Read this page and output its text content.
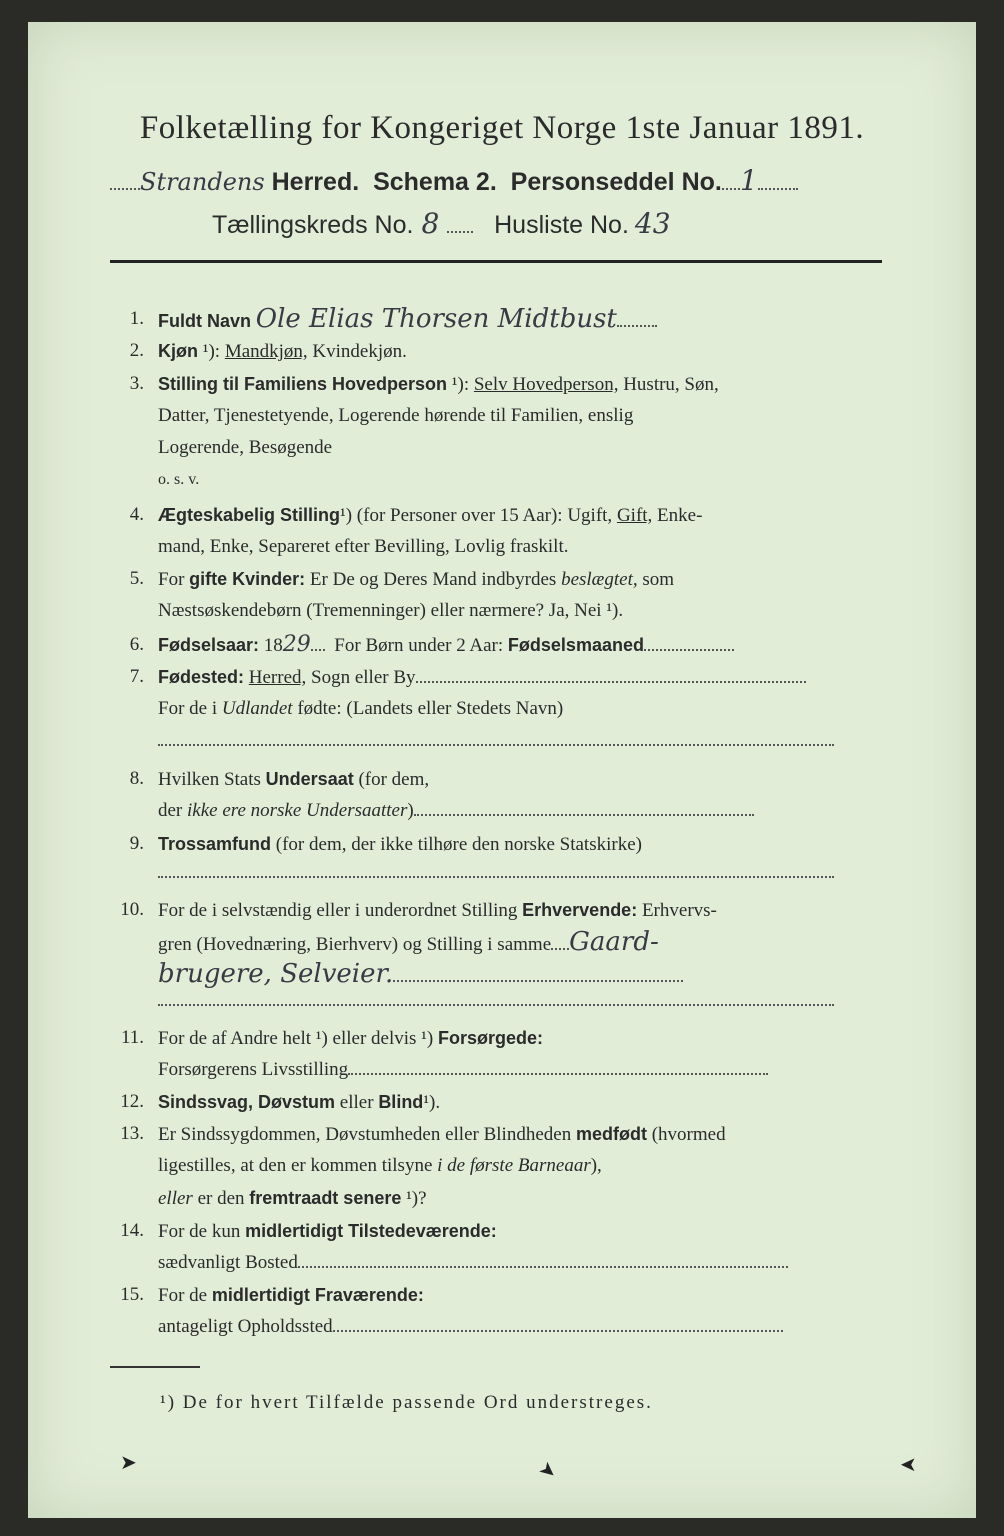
Folketælling for Kongeriget Norge 1ste Januar 1891.
Strandens Herred. Schema 2. Personseddel No. 1
Tællingskreds No. 8 Husliste No. 43
1. Fuldt Navn Ole Elias Thorsen Midtbust
2. Kjøn ¹): Mandkjøn, Kvindekjøn.
3. Stilling til Familiens Hovedperson ¹): Selv Hovedperson, Hustru, Søn,
Datter, Tjenestetyende, Logerende hørende til Familien, enslig
Logerende, Besøgende
o. s. v.
4. Ægteskabelig Stilling¹) (for Personer over 15 Aar): Ugift, Gift, Enke-
mand, Enke, Separeret efter Bevilling, Lovlig fraskilt.
5. For gifte Kvinder: Er De og Deres Mand indbyrdes beslægtet, som
Næstsøskendebørn (Tremenninger) eller nærmere? Ja, Nei ¹).
6. Fødselsaar: 1829 For Børn under 2 Aar: Fødselsmaaned
7. Fødested: Herred, Sogn eller By
For de i Udlandet fødte: (Landets eller Stedets Navn)
8. Hvilken Stats Undersaat (for dem,
der ikke ere norske Undersaatter)
9. Trossamfund (for dem, der ikke tilhøre den norske Statskirke)
10. For de i selvstændig eller i underordnet Stilling Erhvervende: Erhvervs-
gren (Hovednæring, Bierhverv) og Stilling i samme Gaard-
brugere, Selveier.
11. For de af Andre helt ¹) eller delvis ¹) Forsørgede:
Forsørgerens Livsstilling
12. Sindssvag, Døvstum eller Blind¹).
13. Er Sindssygdommen, Døvstumheden eller Blindheden medfødt (hvormed
ligestilles, at den er kommen tilsyne i de første Barneaar),
eller er den fremtraadt senere ¹)?
14. For de kun midlertidigt Tilstedeværende:
sædvanligt Bosted
15. For de midlertidigt Fraværende:
antageligt Opholdssted
¹) De for hvert Tilfælde passende Ord understreges.
➤	➤	➤
